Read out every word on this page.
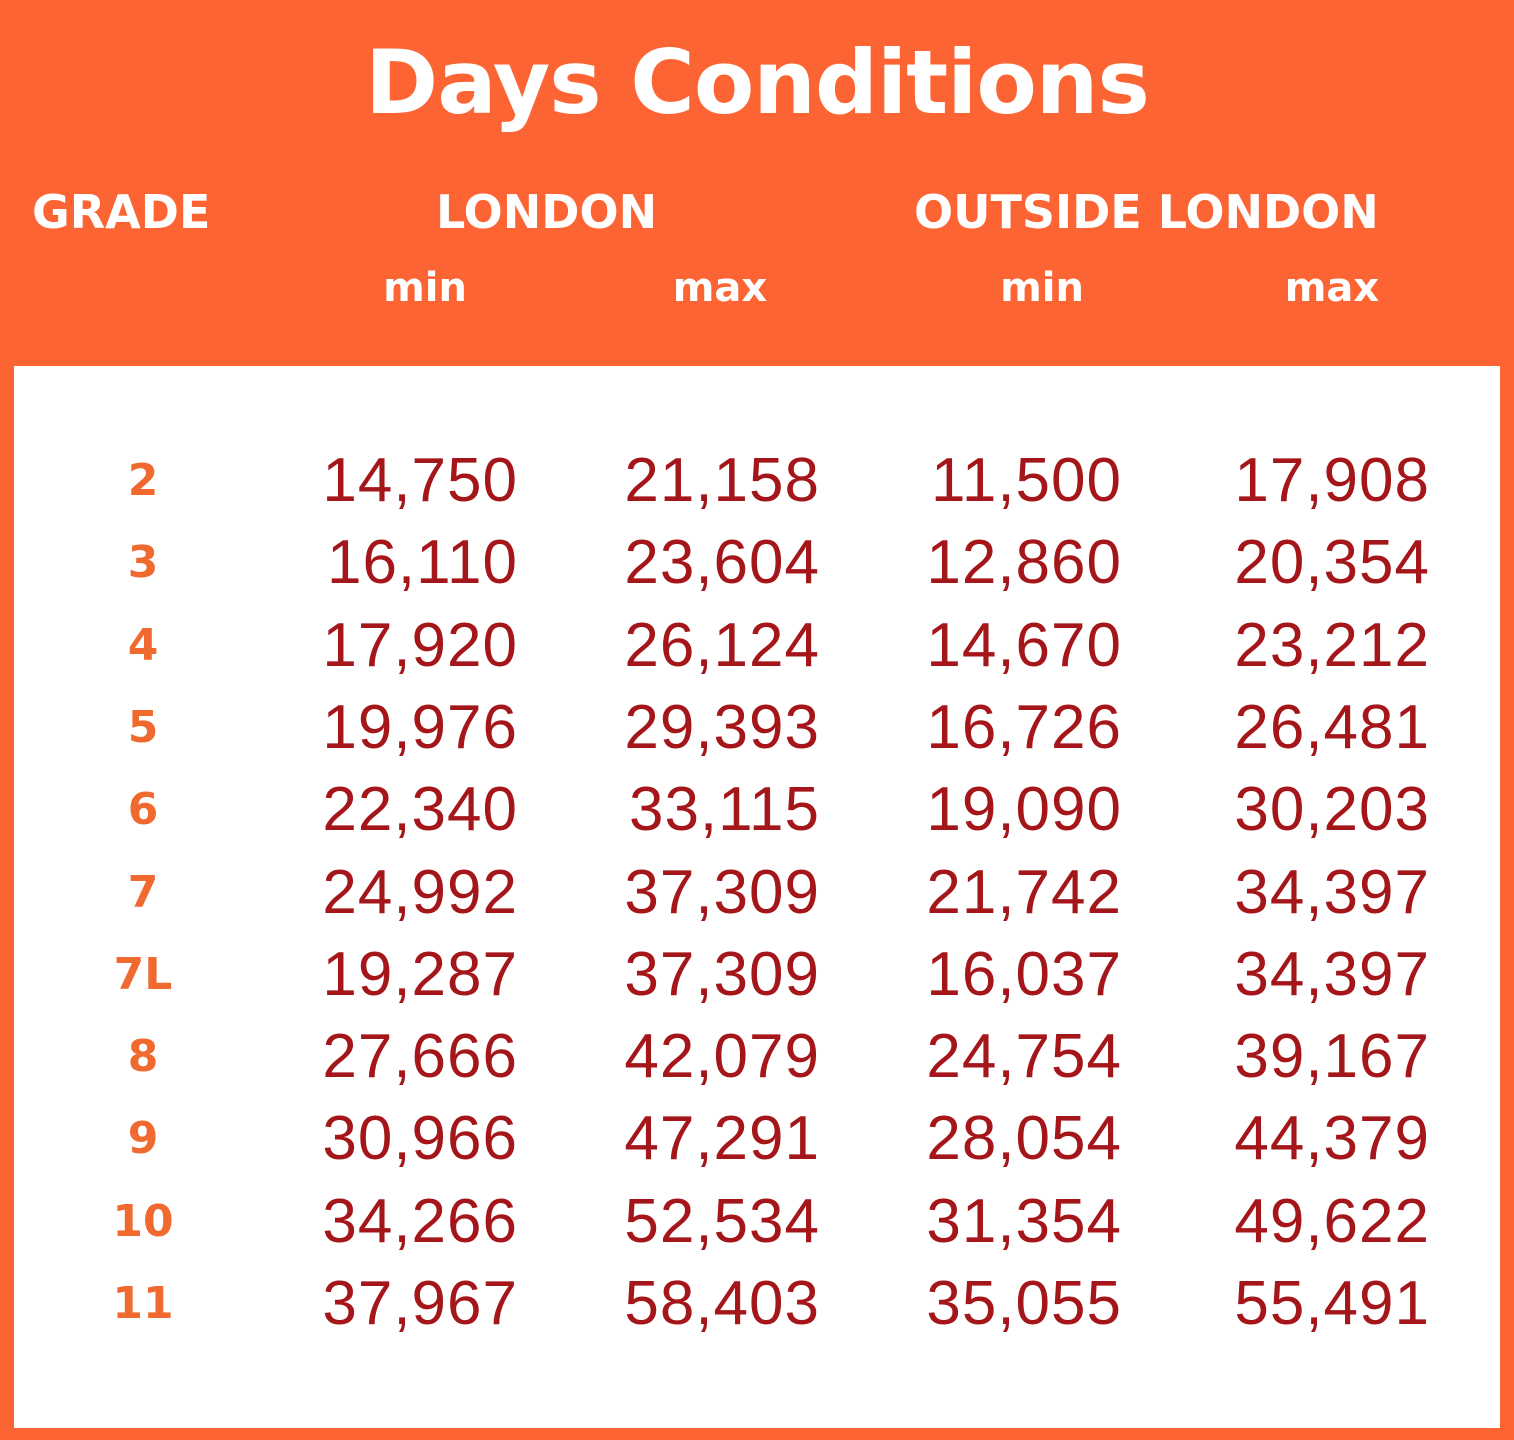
Days Conditions
GRADE	LONDON	OUTSIDE LONDON
min	max	min	max
2	14,750	21,158	11,500	17,908
3	16,110	23,604	12,860	20,354
4	17,920	26,124	14,670	23,212
5	19,976	29,393	16,726	26,481
6	22,340	33,115	19,090	30,203
7	24,992	37,309	21,742	34,397
7L	19,287	37,309	16,037	34,397
8	27,666	42,079	24,754	39,167
9	30,966	47,291	28,054	44,379
10	34,266	52,534	31,354	49,622
11	37,967	58,403	35,055	55,491
